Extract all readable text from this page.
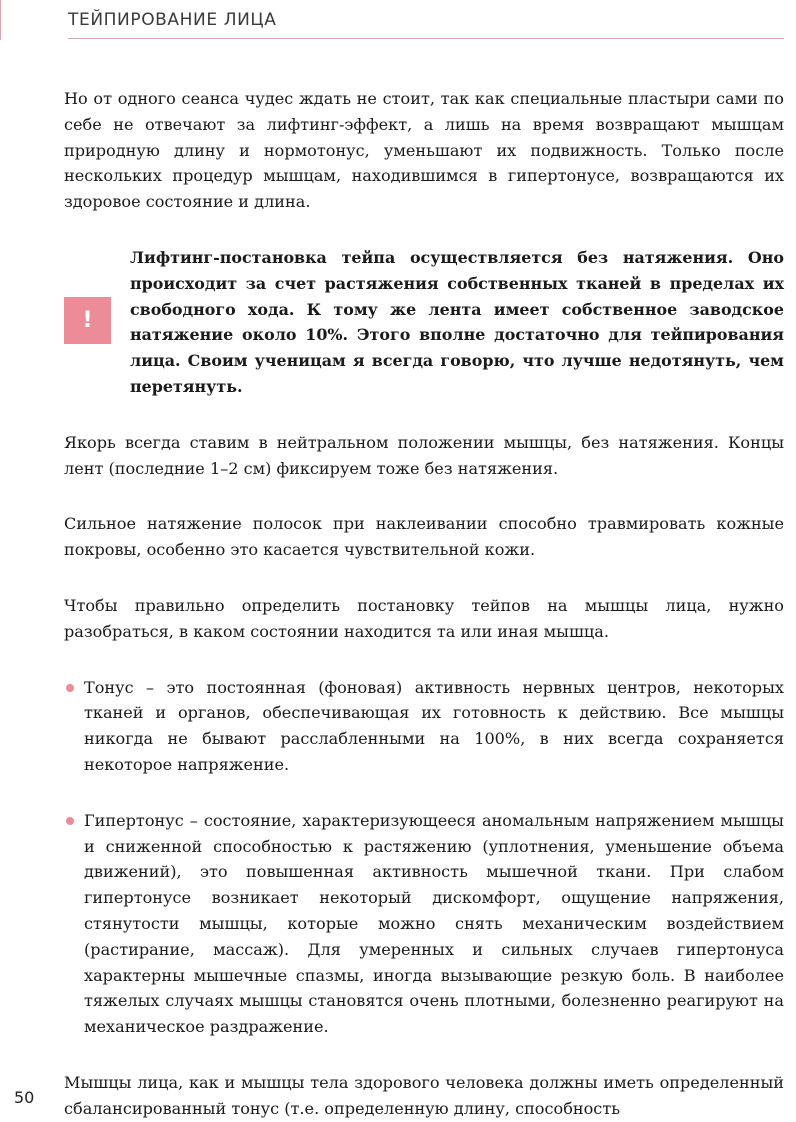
ТЕЙПИРОВАНИЕ ЛИЦА

Но от одного сеанса чудес ждать не стоит, так как специальные пластыри сами по себе не отвечают за лифтинг-эффект, а лишь на время возвращают мышцам природную длину и нормотонус, уменьшают их подвижность. Только после нескольких процедур мышцам, находившимся в гипертонусе, возвращаются их здоровое состояние и длина.

!

Лифтинг-постановка тейпа осуществляется без натяжения. Оно происходит за счет растяжения собственных тканей в пределах их свободного хода. К тому же лента имеет собственное заводское натяжение около 10%. Этого вполне достаточно для тейпирования лица. Своим ученицам я всегда говорю, что лучше недотянуть, чем перетянуть.

Якорь всегда ставим в нейтральном положении мышцы, без натяжения. Концы лент (последние 1–2 см) фиксируем тоже без натяжения.

Сильное натяжение полосок при наклеивании способно травмировать кожные покровы, особенно это касается чувствительной кожи.

Чтобы правильно определить постановку тейпов на мышцы лица, нужно разобраться, в каком состоянии находится та или иная мышца.

Тонус – это постоянная (фоновая) активность нервных центров, некоторых тканей и органов, обеспечивающая их готовность к действию. Все мышцы никогда не бывают расслабленными на 100%, в них всегда сохраняется некоторое напряжение.

Гипертонус – состояние, характеризующееся аномальным напряжением мышцы и сниженной способностью к растяжению (уплотнения, уменьшение объема движений), это повышенная активность мышечной ткани. При слабом гипертонусе возникает некоторый дискомфорт, ощущение напряжения, стянутости мышцы, которые можно снять механическим воздействием (растирание, массаж). Для умеренных и сильных случаев гипертонуса характерны мышечные спазмы, иногда вызывающие резкую боль. В наиболее тяжелых случаях мышцы становятся очень плотными, болезненно реагируют на механическое раздражение.

Мышцы лица, как и мышцы тела здорового человека должны иметь определенный сбалансированный тонус (т.е. определенную длину, способность

50
